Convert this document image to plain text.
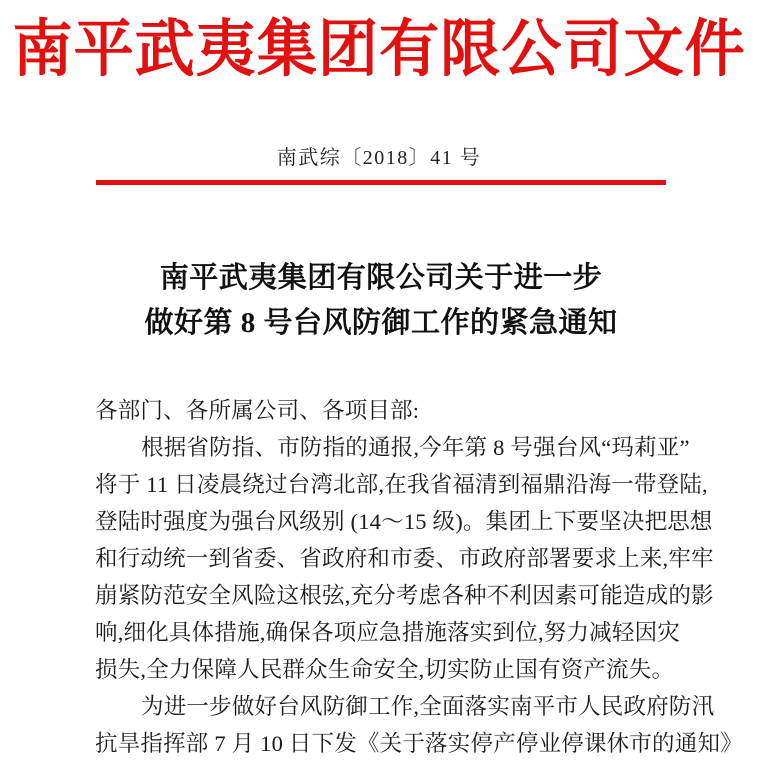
南平武夷集团有限公司文件
南武综〔2018〕41 号
南平武夷集团有限公司关于进一步
做好第 8 号台风防御工作的紧急通知
各部门、各所属公司、各项目部:
根据省防指、市防指的通报,今年第 8 号强台风“玛莉亚”
将于 11 日凌晨绕过台湾北部,在我省福清到福鼎沿海一带登陆,
登陆时强度为强台风级别 (14～15 级)。集团上下要坚决把思想
和行动统一到省委、省政府和市委、市政府部署要求上来,牢牢
崩紧防范安全风险这根弦,充分考虑各种不利因素可能造成的影
响,细化具体措施,确保各项应急措施落实到位,努力减轻因灾
损失,全力保障人民群众生命安全,切实防止国有资产流失。
为进一步做好台风防御工作,全面落实南平市人民政府防汛
抗旱指挥部 7 月 10 日下发《关于落实停产停业停课休市的通知》
